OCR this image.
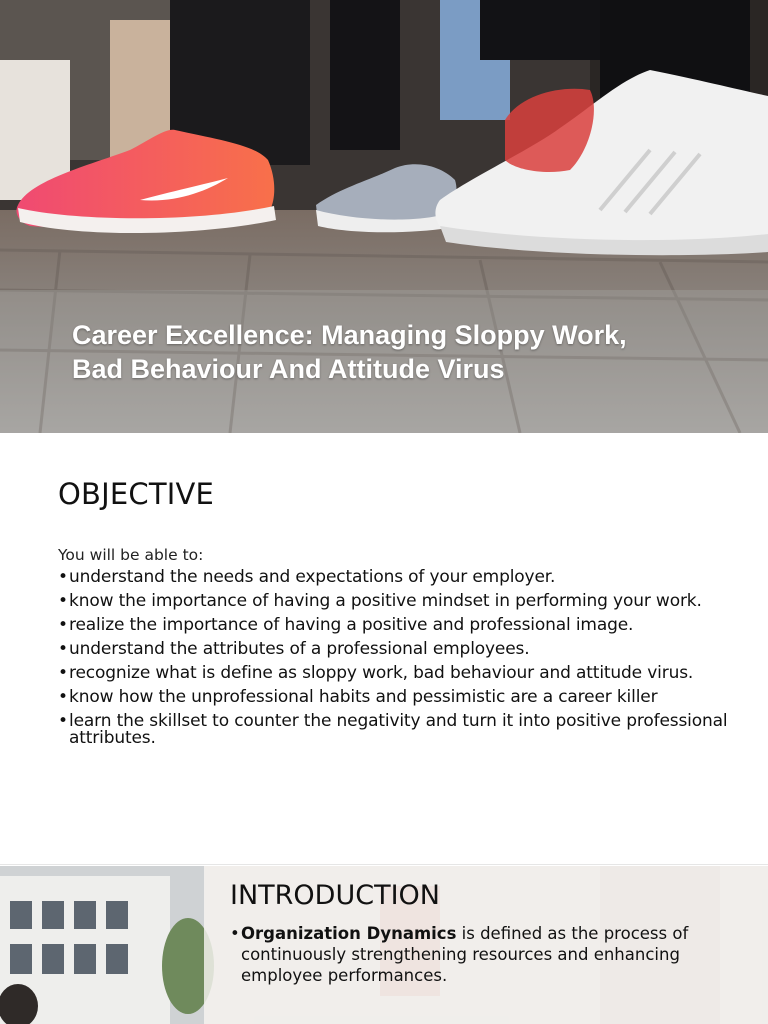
Career Excellence: Managing Sloppy Work,
Bad Behaviour And Attitude Virus
OBJECTIVE

You will be able to:

• understand the needs and expectations of your employer.
• know the importance of having a positive mindset in performing your work.
• realize the importance of having a positive and professional image.
• understand the attributes of a professional employees.
• recognize what is define as sloppy work, bad behaviour and attitude virus.
• know how the unprofessional habits and pessimistic are a career killer
• learn the skillset to counter the negativity and turn it into positive professional attributes.
INTRODUCTION

• Organization Dynamics is defined as the process of continuously strengthening resources and enhancing employee performances.
